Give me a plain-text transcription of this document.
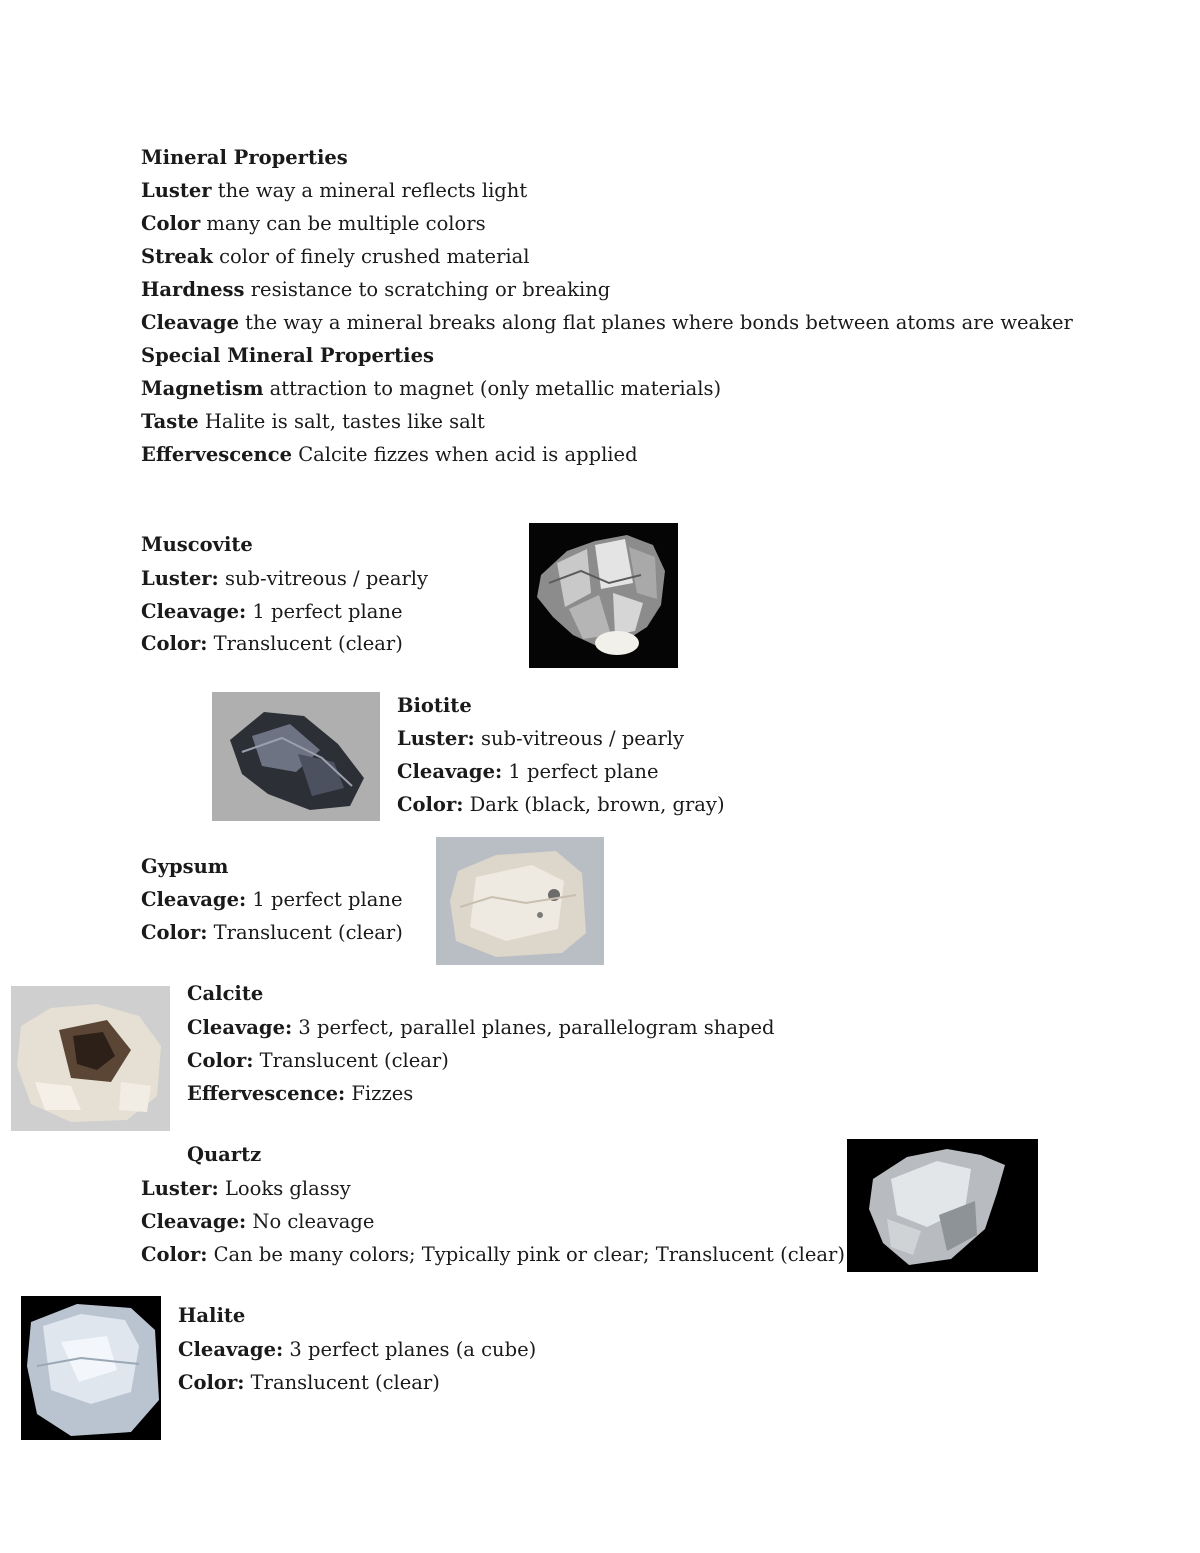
Mineral Properties
Luster the way a mineral reflects light
Color many can be multiple colors
Streak color of finely crushed material
Hardness resistance to scratching or breaking
Cleavage the way a mineral breaks along flat planes where bonds between atoms are weaker
Special Mineral Properties
Magnetism attraction to magnet (only metallic materials)
Taste Halite is salt, tastes like salt
Effervescence Calcite fizzes when acid is applied
Muscovite
Luster: sub-vitreous / pearly
Cleavage: 1 perfect plane
Color: Translucent (clear)
Biotite
Luster: sub-vitreous / pearly
Cleavage: 1 perfect plane
Color: Dark (black, brown, gray)
Gypsum
Cleavage: 1 perfect plane
Color: Translucent (clear)
Calcite
Cleavage: 3 perfect, parallel planes, parallelogram shaped
Color: Translucent (clear)
Effervescence: Fizzes
Quartz
Luster: Looks glassy
Cleavage: No cleavage
Color: Can be many colors; Typically pink or clear; Translucent (clear)
Halite
Cleavage: 3 perfect planes (a cube)
Color: Translucent (clear)
